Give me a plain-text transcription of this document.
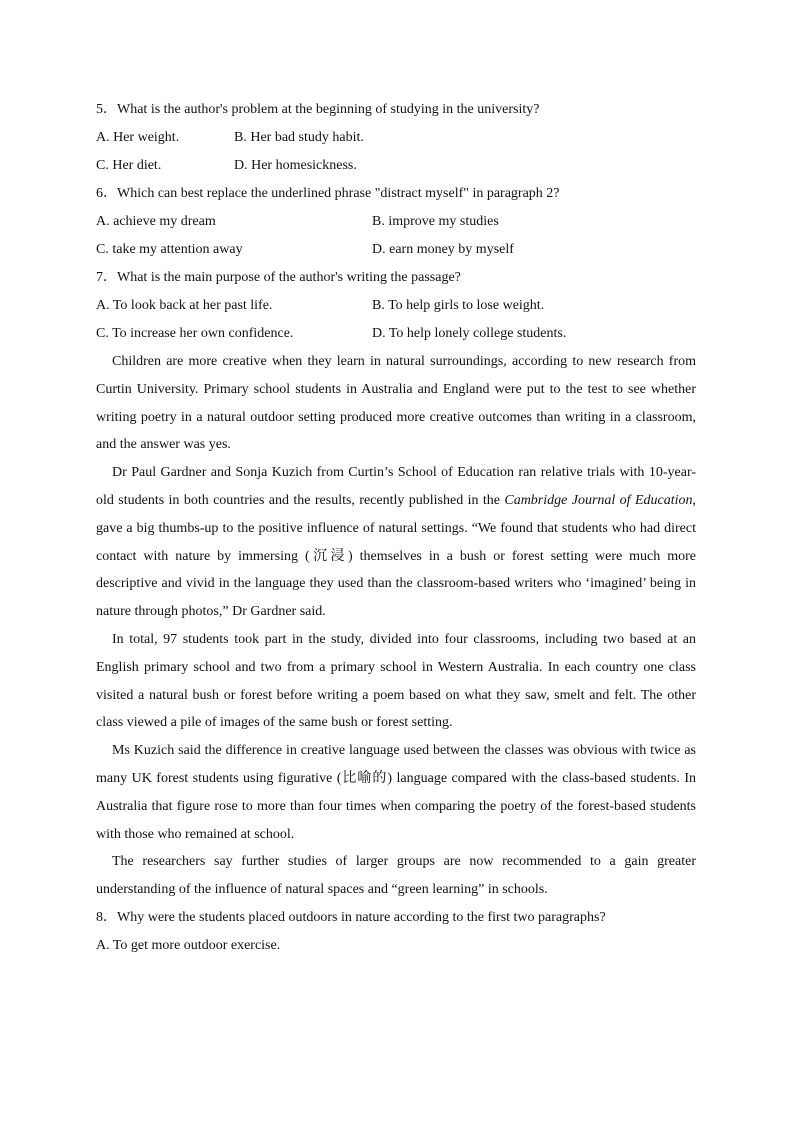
5．What is the author's problem at the beginning of studying in the university?
A. Her weight.	B. Her bad study habit.
C. Her diet.	D. Her homesickness.
6．Which can best replace the underlined phrase "distract myself" in paragraph 2?
A. achieve my dream	B. improve my studies
C. take my attention away	D. earn money by myself
7．What is the main purpose of the author's writing the passage?
A. To look back at her past life.	B. To help girls to lose weight.
C. To increase her own confidence.	D. To help lonely college students.

Children are more creative when they learn in natural surroundings, according to new research from Curtin University. Primary school students in Australia and England were put to the test to see whether writing poetry in a natural outdoor setting produced more creative outcomes than writing in a classroom, and the answer was yes.

Dr Paul Gardner and Sonja Kuzich from Curtin’s School of Education ran relative trials with 10-year-old students in both countries and the results, recently published in the Cambridge Journal of Education, gave a big thumbs-up to the positive influence of natural settings. “We found that students who had direct contact with nature by immersing (沉浸) themselves in a bush or forest setting were much more descriptive and vivid in the language they used than the classroom-based writers who ‘imagined’ being in nature through photos,” Dr Gardner said.

In total, 97 students took part in the study, divided into four classrooms, including two based at an English primary school and two from a primary school in Western Australia. In each country one class visited a natural bush or forest before writing a poem based on what they saw, smelt and felt. The other class viewed a pile of images of the same bush or forest setting.

Ms Kuzich said the difference in creative language used between the classes was obvious with twice as many UK forest students using figurative (比喻的) language compared with the class-based students. In Australia that figure rose to more than four times when comparing the poetry of the forest-based students with those who remained at school.

The researchers say further studies of larger groups are now recommended to a gain greater understanding of the influence of natural spaces and “green learning” in schools.

8．Why were the students placed outdoors in nature according to the first two paragraphs?
A. To get more outdoor exercise.
